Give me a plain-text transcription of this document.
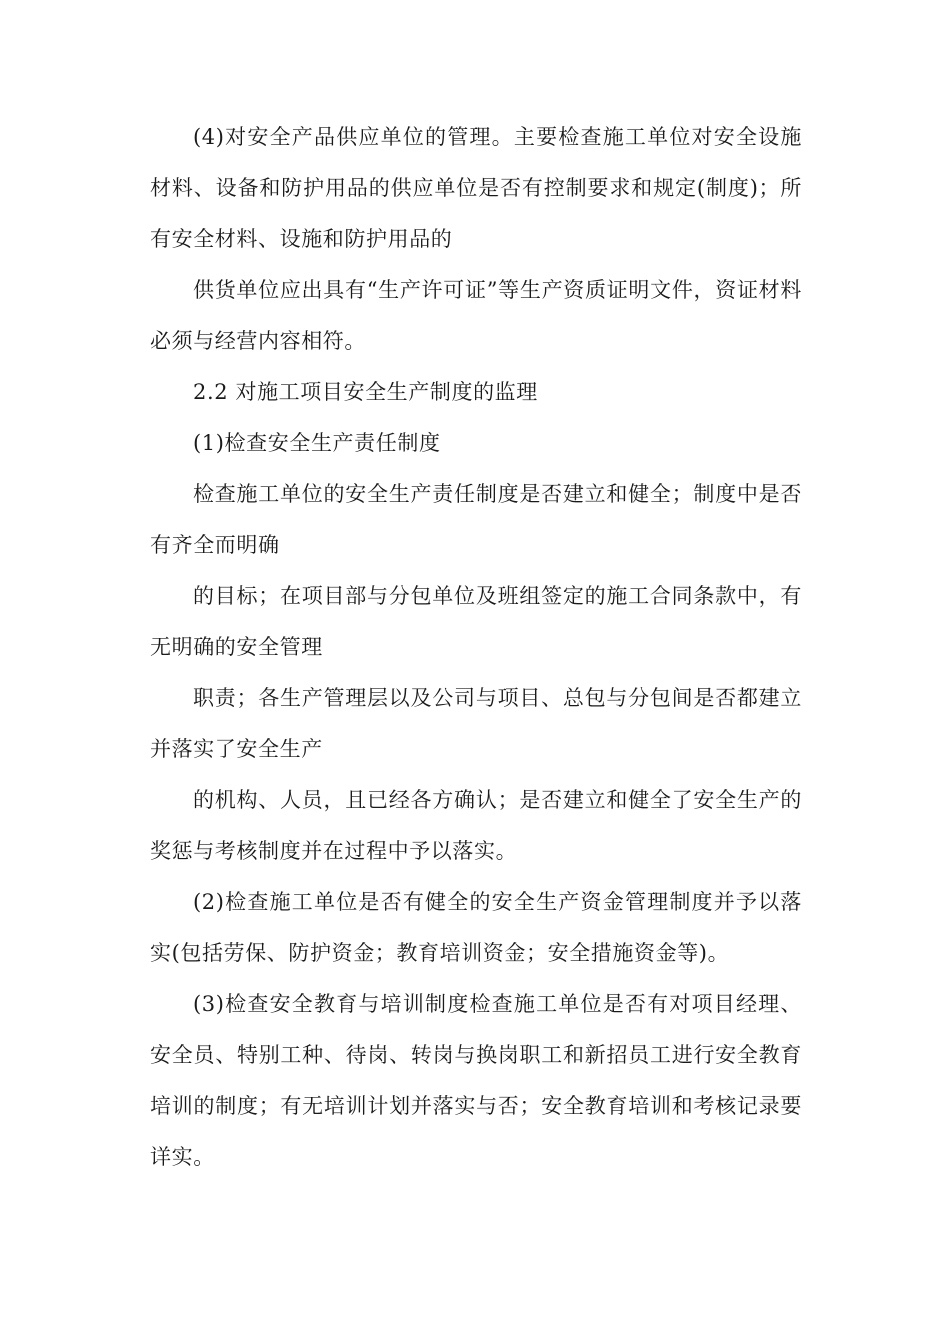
(4)对安全产品供应单位的管理。主要检查施工单位对安全设施材料、设备和防护用品的供应单位是否有控制要求和规定(制度)；所有安全材料、设施和防护用品的

供货单位应出具有“生产许可证”等生产资质证明文件，资证材料必须与经营内容相符。

2.2 对施工项目安全生产制度的监理

(1)检查安全生产责任制度

检查施工单位的安全生产责任制度是否建立和健全；制度中是否有齐全而明确

的目标；在项目部与分包单位及班组签定的施工合同条款中，有无明确的安全管理

职责；各生产管理层以及公司与项目、总包与分包间是否都建立并落实了安全生产

的机构、人员，且已经各方确认；是否建立和健全了安全生产的奖惩与考核制度并在过程中予以落实。

(2)检查施工单位是否有健全的安全生产资金管理制度并予以落实(包括劳保、防护资金；教育培训资金；安全措施资金等)。

(3)检查安全教育与培训制度检查施工单位是否有对项目经理、安全员、特别工种、待岗、转岗与换岗职工和新招员工进行安全教育培训的制度；有无培训计划并落实与否；安全教育培训和考核记录要详实。
